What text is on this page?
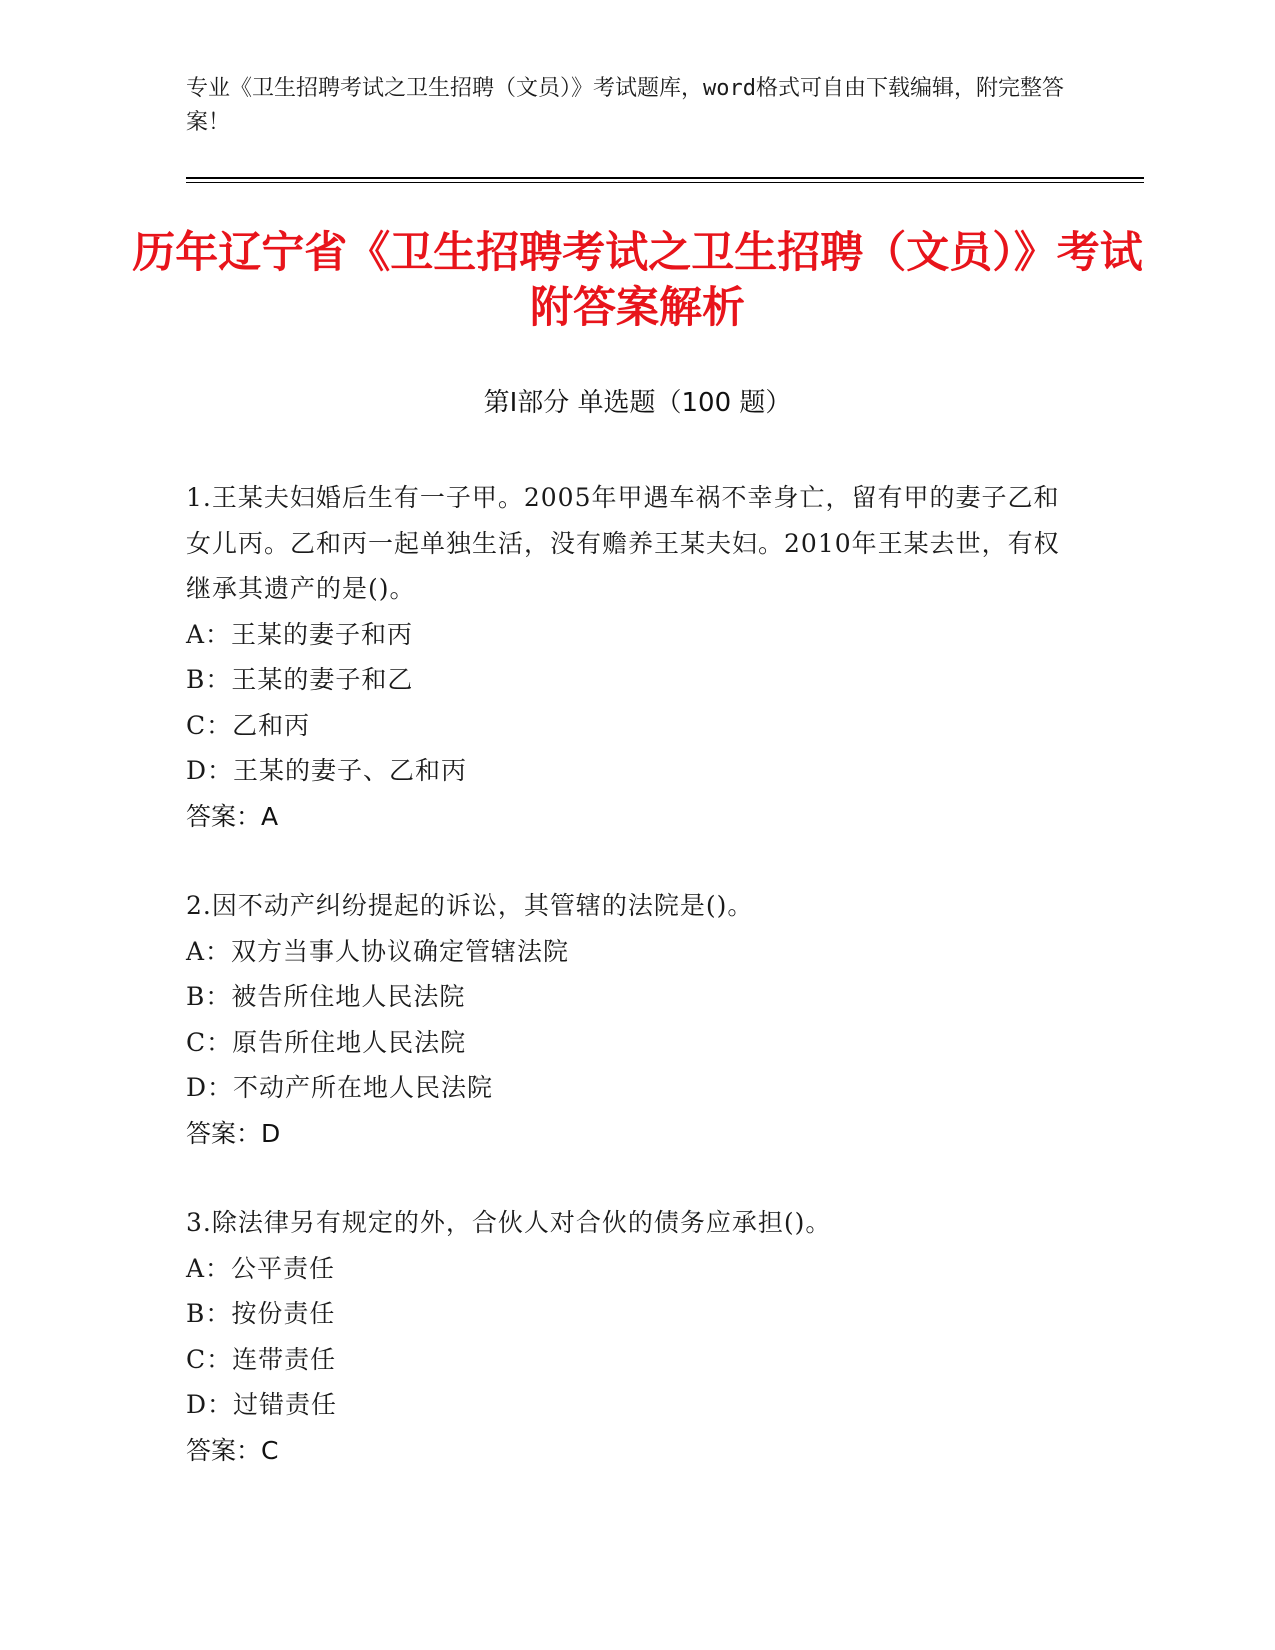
专业《卫生招聘考试之卫生招聘（文员）》考试题库，word格式可自由下载编辑，附完整答案！
历年辽宁省《卫生招聘考试之卫生招聘（文员）》考试附答案解析
第Ⅰ部分 单选题（100 题）
1.王某夫妇婚后生有一子甲。2005年甲遇车祸不幸身亡，留有甲的妻子乙和女儿丙。乙和丙一起单独生活，没有赡养王某夫妇。2010年王某去世，有权继承其遗产的是()。
A：王某的妻子和丙
B：王某的妻子和乙
C：乙和丙
D：王某的妻子、乙和丙
答案：A
2.因不动产纠纷提起的诉讼，其管辖的法院是()。
A：双方当事人协议确定管辖法院
B：被告所住地人民法院
C：原告所住地人民法院
D：不动产所在地人民法院
答案：D
3.除法律另有规定的外，合伙人对合伙的债务应承担()。
A：公平责任
B：按份责任
C：连带责任
D：过错责任
答案：C
